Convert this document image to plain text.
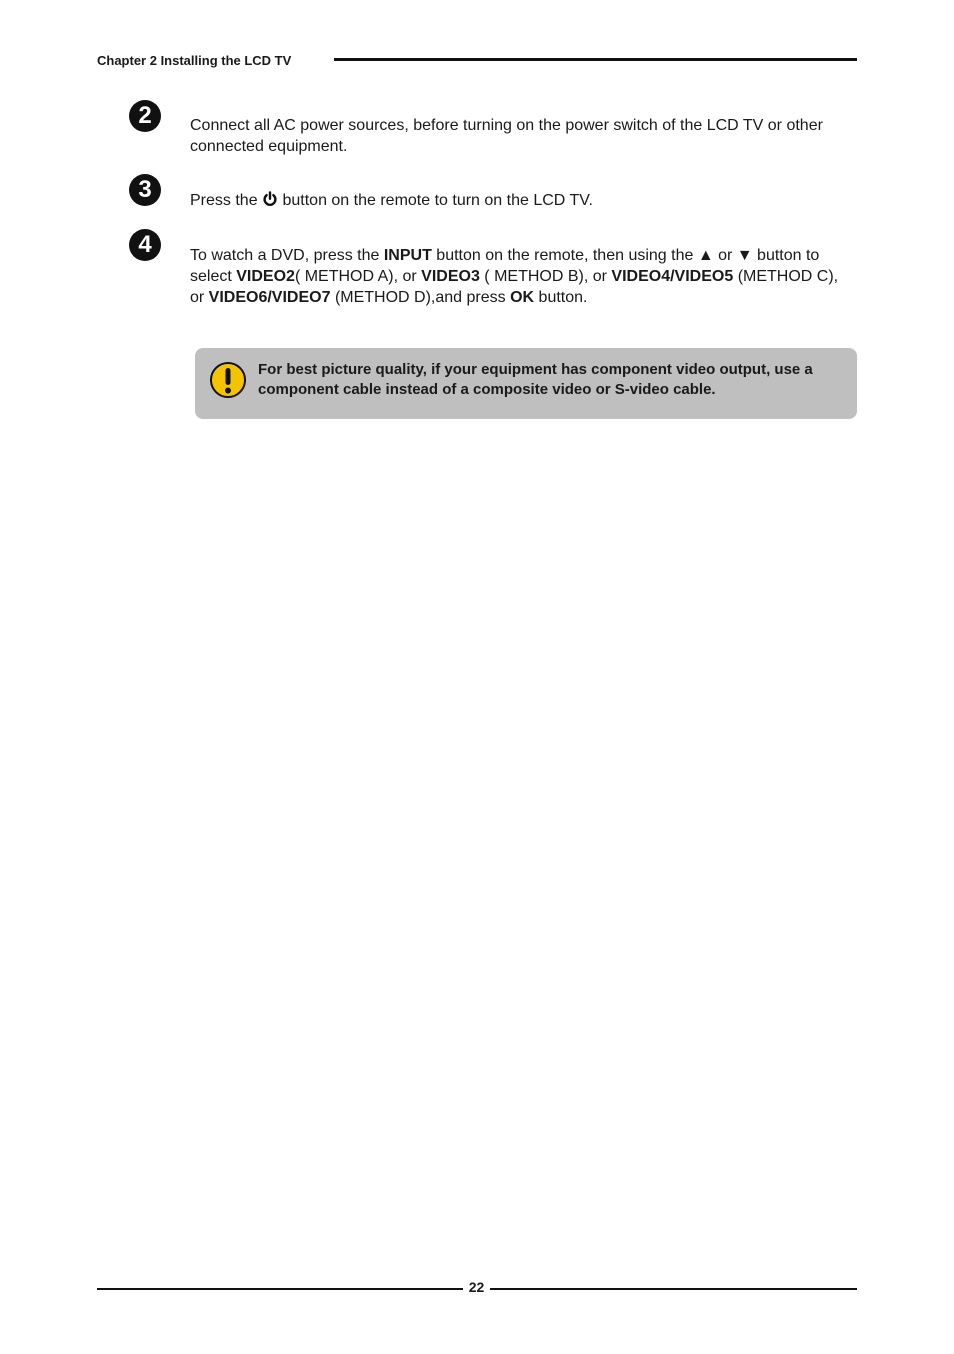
Chapter 2 Installing the LCD TV
2	Connect all AC power sources, before turning on the power switch of the LCD TV or other connected equipment.
3	Press the  button on the remote to turn on the LCD TV.
4	To watch a DVD, press the INPUT button on the remote, then using the ▲ or ▼ button to select VIDEO2( METHOD A), or VIDEO3 ( METHOD B), or VIDEO4/VIDEO5 (METHOD C), or VIDEO6/VIDEO7 (METHOD D),and press OK button.
For best picture quality, if your equipment has component video output, use a component cable instead of a composite video or S-video cable.
22
